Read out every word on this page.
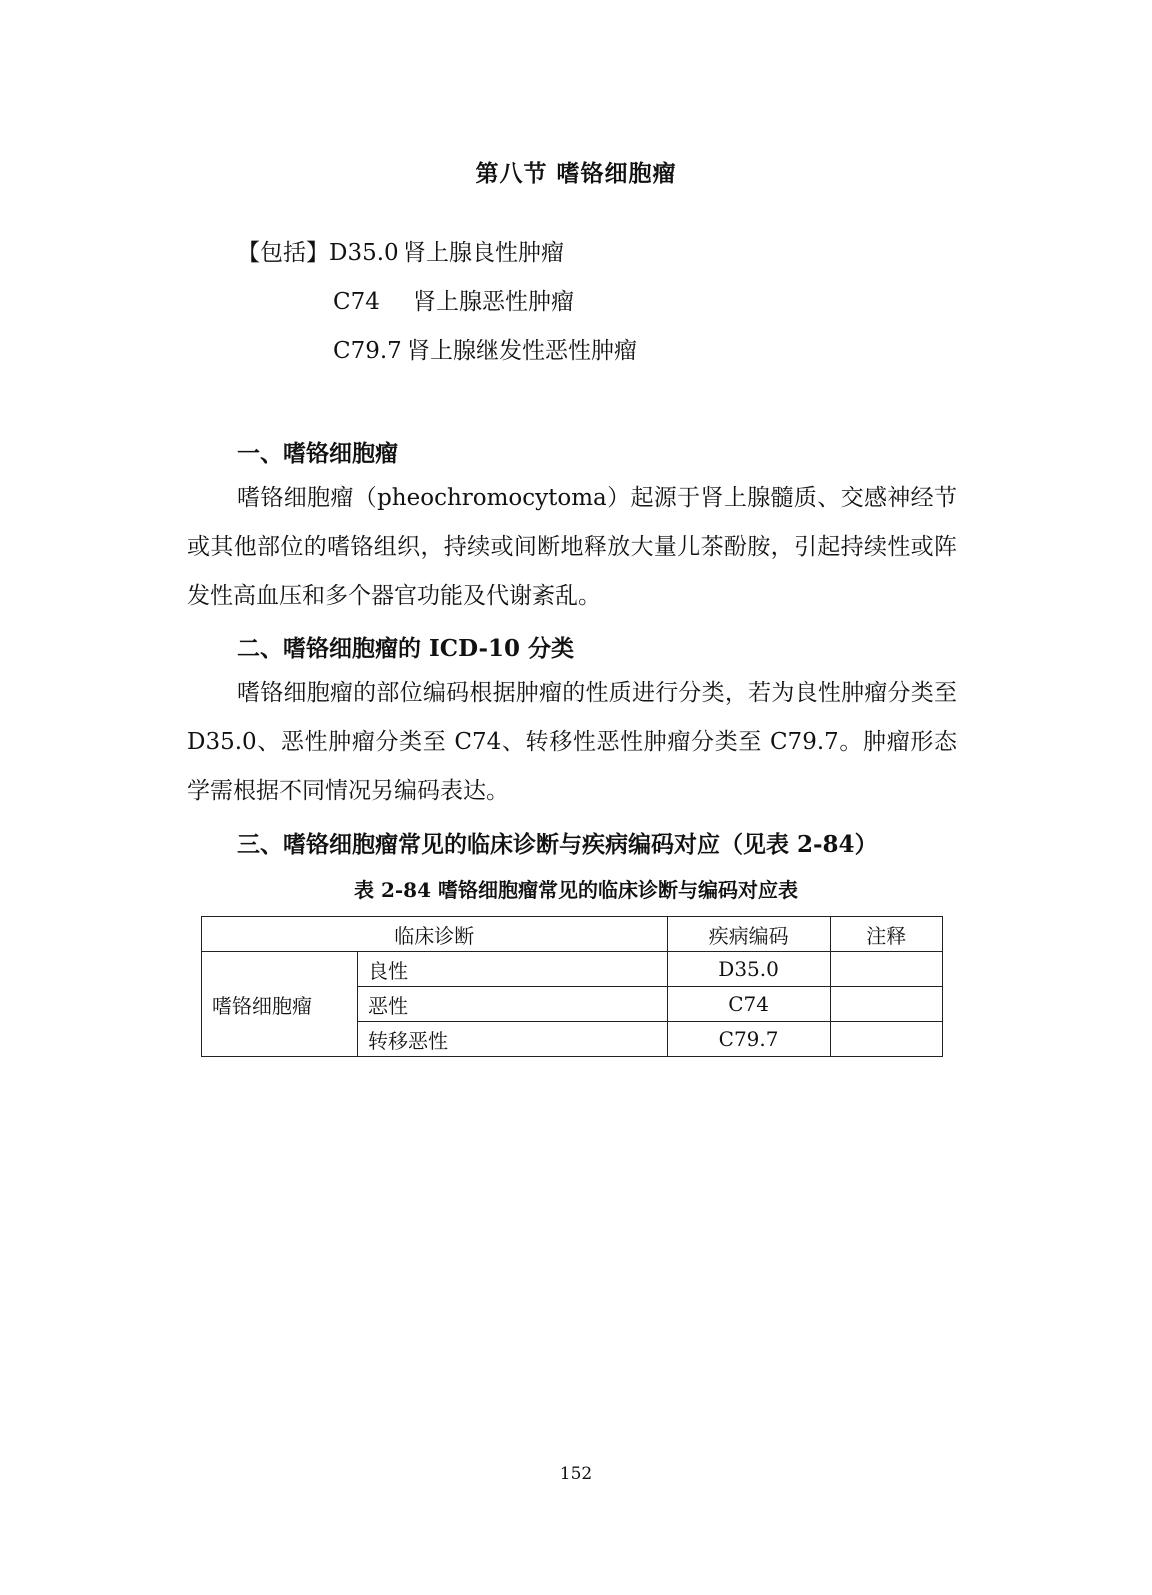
第八节 嗜铬细胞瘤
【包括】D35.0 肾上腺良性肿瘤
C74 肾上腺恶性肿瘤
C79.7 肾上腺继发性恶性肿瘤
一、嗜铬细胞瘤
嗜铬细胞瘤（pheochromocytoma）起源于肾上腺髓质、交感神经节或其他部位的嗜铬组织，持续或间断地释放大量儿茶酚胺，引起持续性或阵发性高血压和多个器官功能及代谢紊乱。
二、嗜铬细胞瘤的 ICD-10 分类
嗜铬细胞瘤的部位编码根据肿瘤的性质进行分类，若为良性肿瘤分类至 D35.0、恶性肿瘤分类至 C74、转移性恶性肿瘤分类至 C79.7。肿瘤形态学需根据不同情况另编码表达。
三、嗜铬细胞瘤常见的临床诊断与疾病编码对应（见表 2-84）
表 2-84 嗜铬细胞瘤常见的临床诊断与编码对应表
临床诊断		疾病编码	注释
嗜铬细胞瘤	良性	D35.0	
	恶性	C74	
	转移恶性	C79.7	
152
